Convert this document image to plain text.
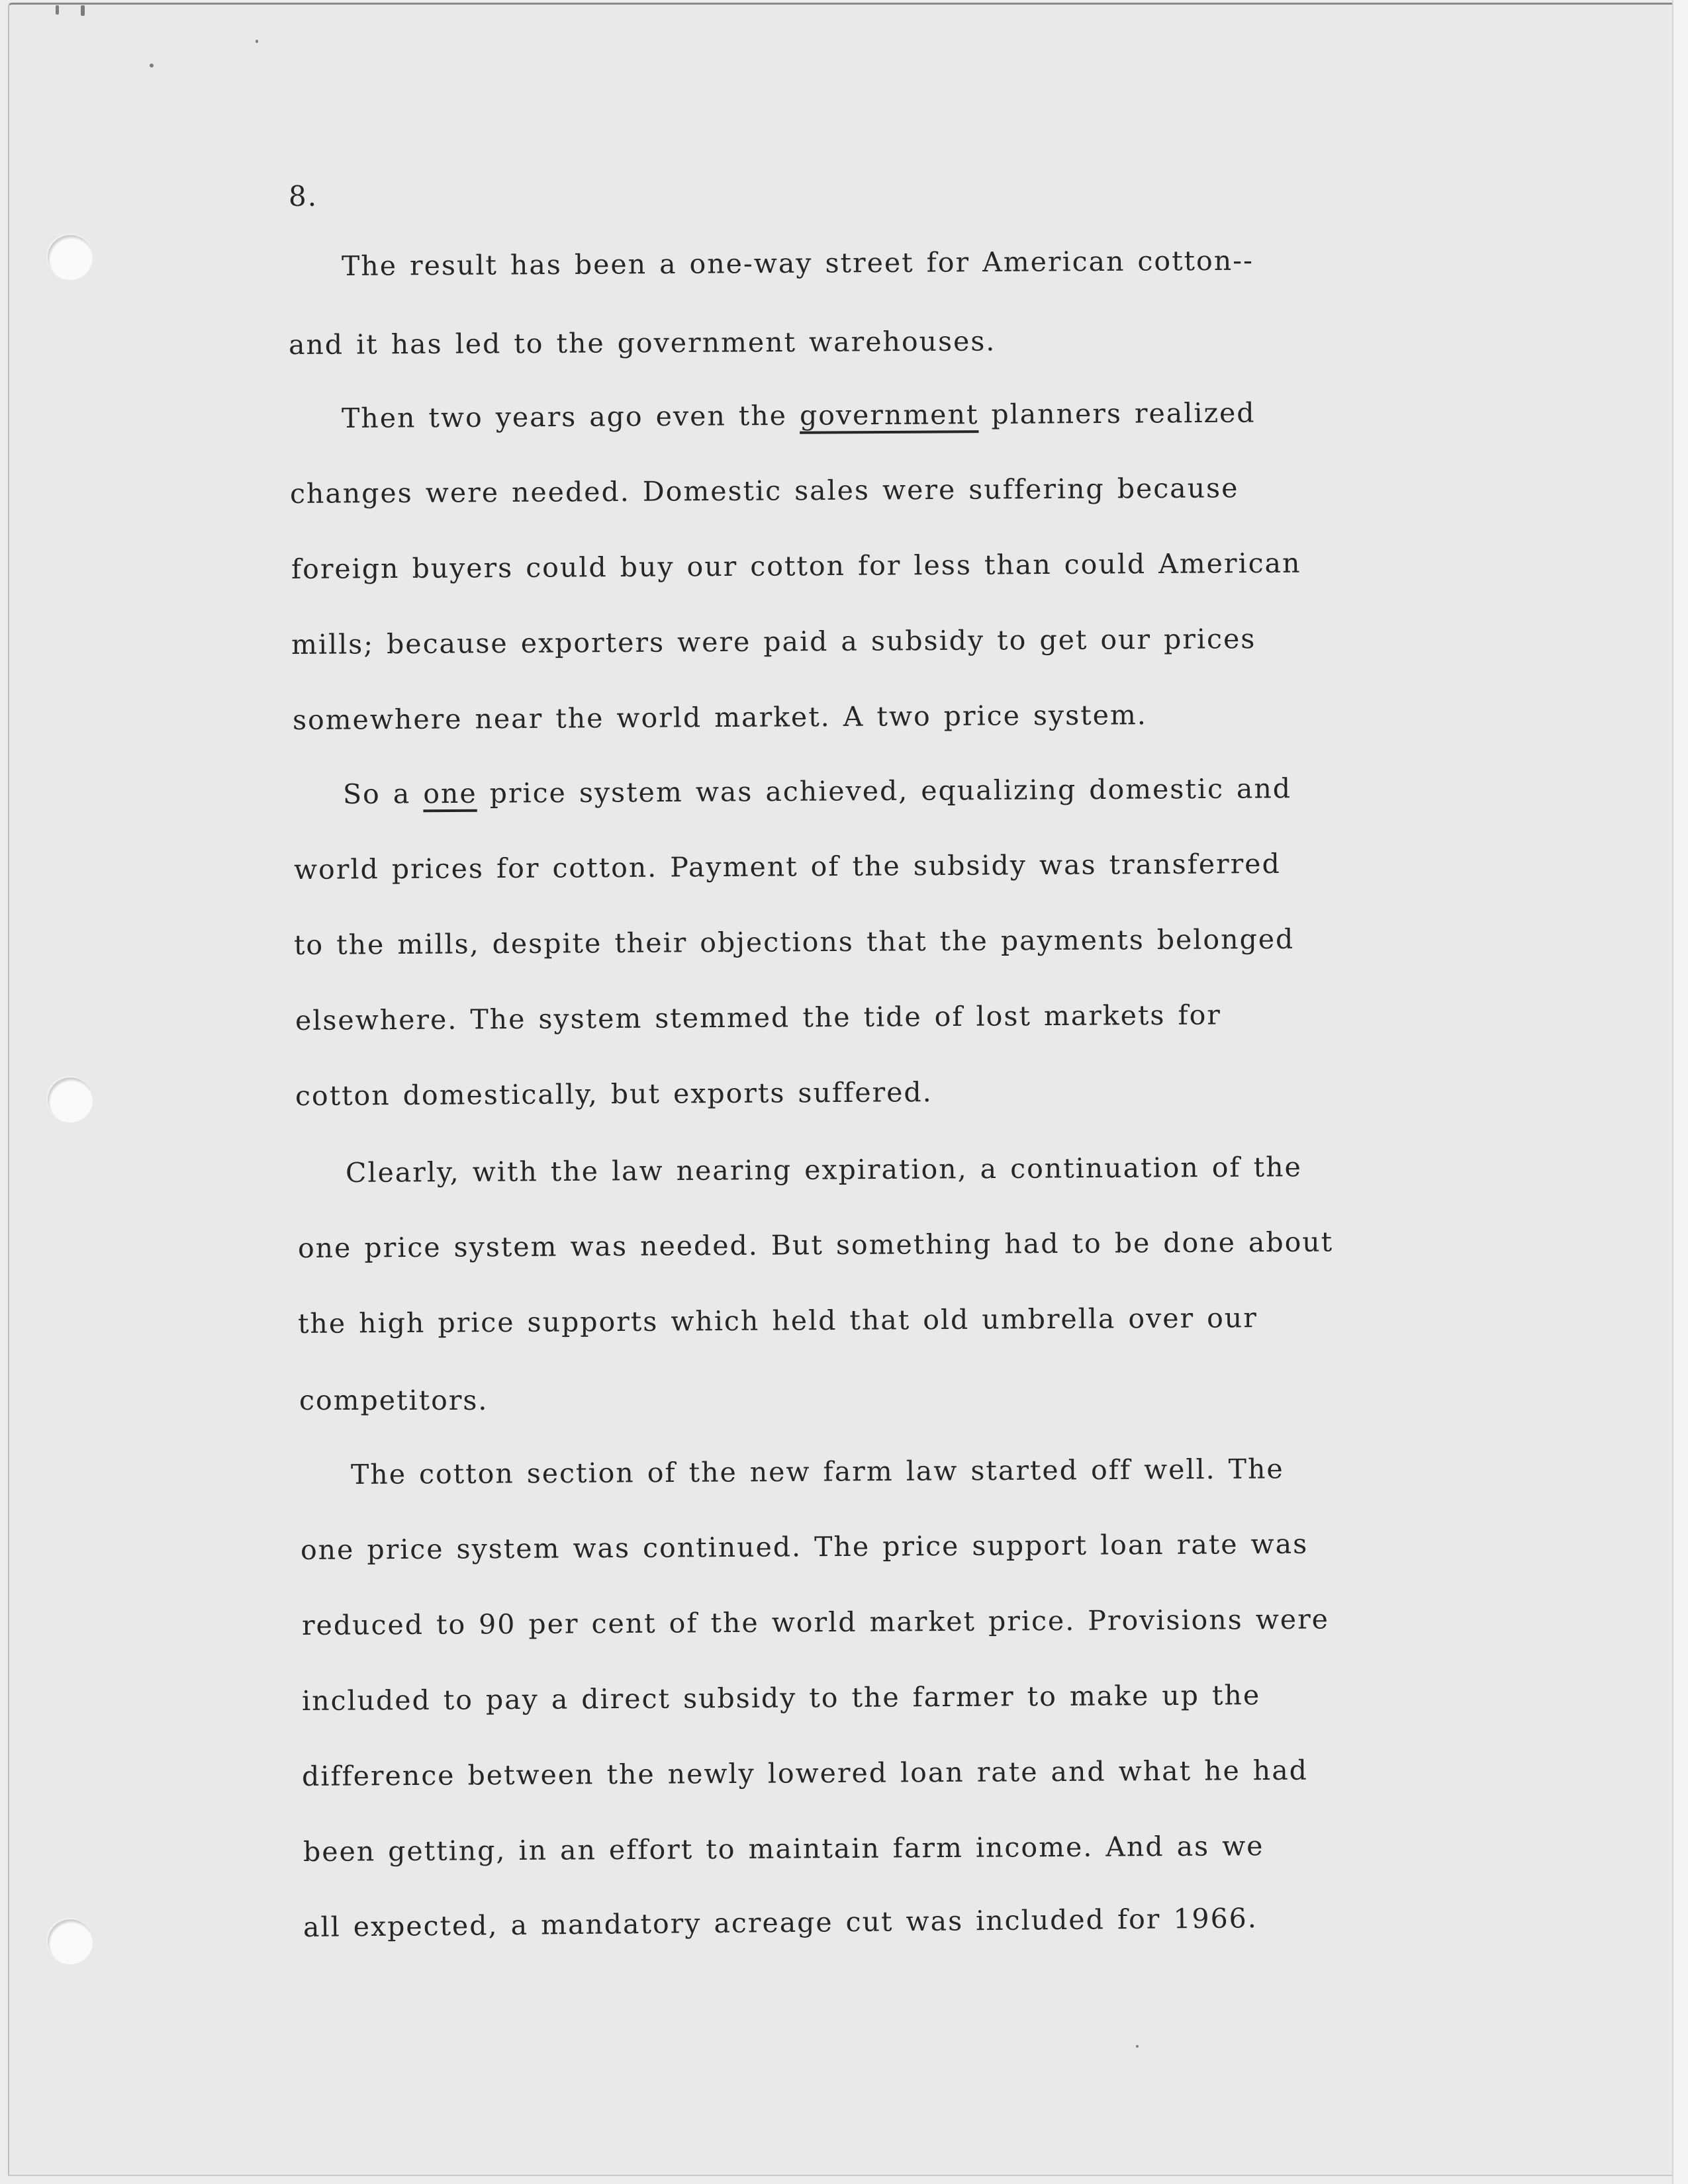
8.
The result has been a one-way street for American cotton--
and it has led to the government warehouses.
Then two years ago even the government planners realized
changes were needed. Domestic sales were suffering because
foreign buyers could buy our cotton for less than could American
mills; because exporters were paid a subsidy to get our prices
somewhere near the world market. A two price system.
So a one price system was achieved, equalizing domestic and
world prices for cotton. Payment of the subsidy was transferred
to the mills, despite their objections that the payments belonged
elsewhere. The system stemmed the tide of lost markets for
cotton domestically, but exports suffered.
Clearly, with the law nearing expiration, a continuation of the
one price system was needed. But something had to be done about
the high price supports which held that old umbrella over our
competitors.
The cotton section of the new farm law started off well. The
one price system was continued. The price support loan rate was
reduced to 90 per cent of the world market price. Provisions were
included to pay a direct subsidy to the farmer to make up the
difference between the newly lowered loan rate and what he had
been getting, in an effort to maintain farm income. And as we
all expected, a mandatory acreage cut was included for 1966.
